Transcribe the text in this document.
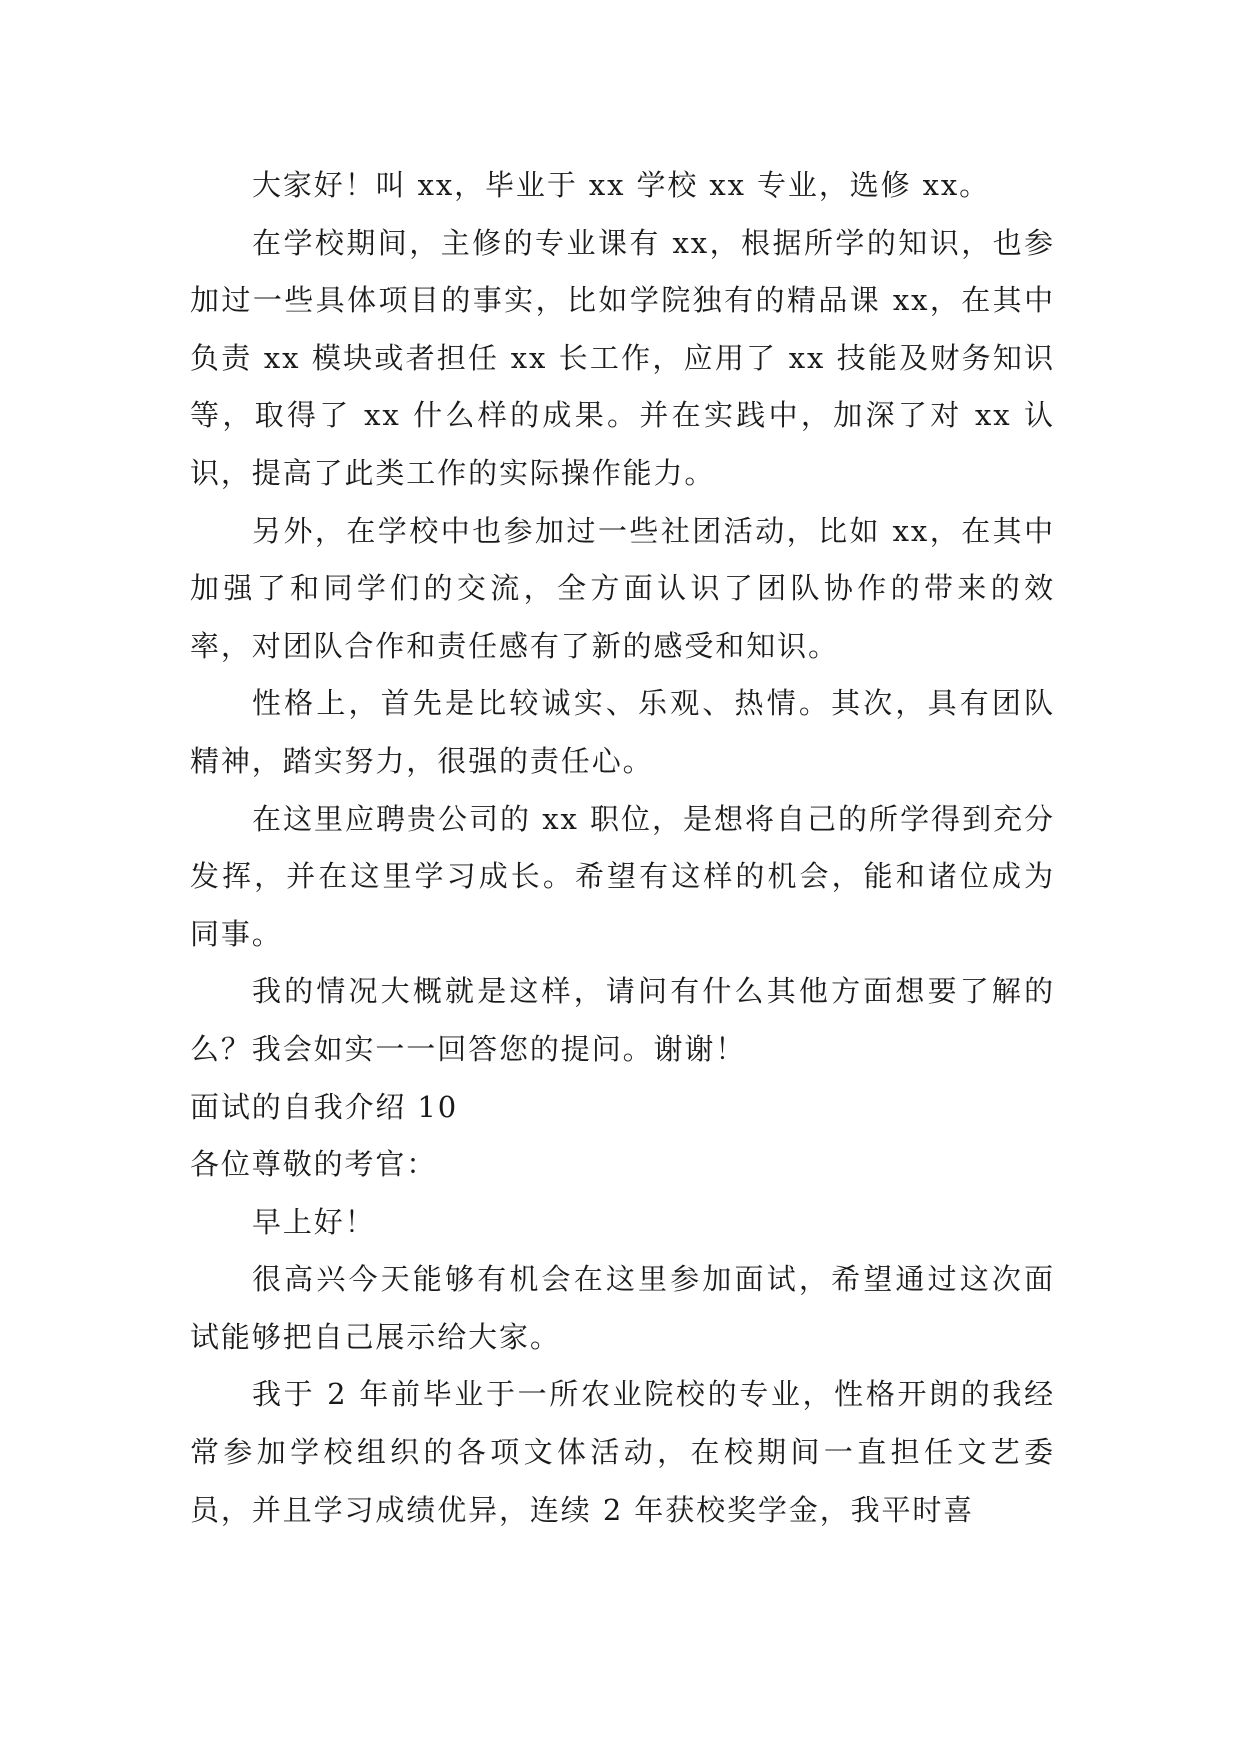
大家好！叫 xx，毕业于 xx 学校 xx 专业，选修 xx。

在学校期间，主修的专业课有 xx，根据所学的知识，也参加过一些具体项目的事实，比如学院独有的精品课 xx，在其中负责 xx 模块或者担任 xx 长工作，应用了 xx 技能及财务知识等，取得了 xx 什么样的成果。并在实践中，加深了对 xx 认识，提高了此类工作的实际操作能力。

另外，在学校中也参加过一些社团活动，比如 xx，在其中加强了和同学们的交流，全方面认识了团队协作的带来的效率，对团队合作和责任感有了新的感受和知识。

性格上，首先是比较诚实、乐观、热情。其次，具有团队精神，踏实努力，很强的责任心。

在这里应聘贵公司的 xx 职位，是想将自己的所学得到充分发挥，并在这里学习成长。希望有这样的机会，能和诸位成为同事。

我的情况大概就是这样，请问有什么其他方面想要了解的么？我会如实一一回答您的提问。谢谢！

面试的自我介绍 10

各位尊敬的考官：

早上好！

很高兴今天能够有机会在这里参加面试，希望通过这次面试能够把自己展示给大家。

我于 2 年前毕业于一所农业院校的专业，性格开朗的我经常参加学校组织的各项文体活动，在校期间一直担任文艺委员，并且学习成绩优异，连续 2 年获校奖学金，我平时喜
